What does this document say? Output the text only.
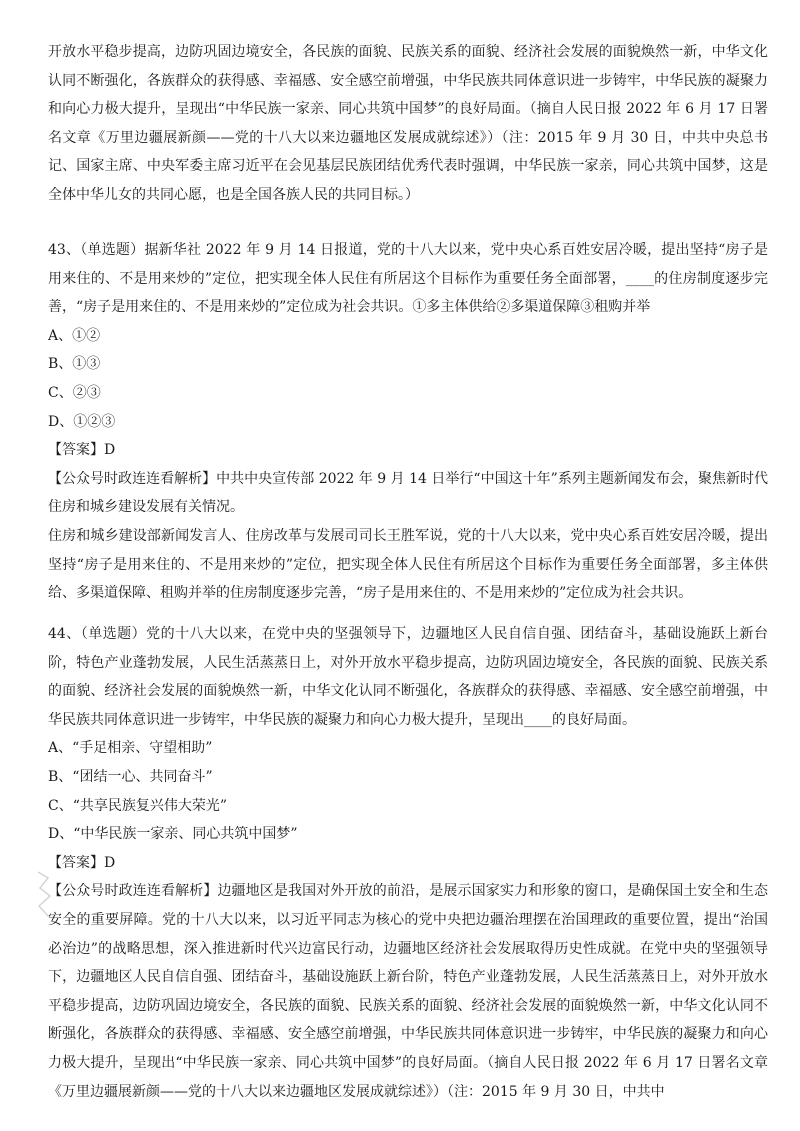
开放水平稳步提高，边防巩固边境安全，各民族的面貌、民族关系的面貌、经济社会发展的面貌焕然一新，中华文化认同不断强化，各族群众的获得感、幸福感、安全感空前增强，中华民族共同体意识进一步铸牢，中华民族的凝聚力和向心力极大提升，呈现出“中华民族一家亲、同心共筑中国梦”的良好局面。（摘自人民日报 2022 年 6 月 17 日署名文章《万里边疆展新颜——党的十八大以来边疆地区发展成就综述》）（注：2015 年 9 月 30 日，中共中央总书记、国家主席、中央军委主席习近平在会见基层民族团结优秀代表时强调，中华民族一家亲，同心共筑中国梦，这是全体中华儿女的共同心愿，也是全国各族人民的共同目标。）

43、（单选题）据新华社 2022 年 9 月 14 日报道，党的十八大以来，党中央心系百姓安居冷暖，提出坚持“房子是用来住的、不是用来炒的”定位，把实现全体人民住有所居这个目标作为重要任务全面部署，____的住房制度逐步完善，“房子是用来住的、不是用来炒的”定位成为社会共识。①多主体供给②多渠道保障③租购并举

A、①②

B、①③

C、②③

D、①②③

【答案】D

【公众号时政连连看解析】中共中央宣传部 2022 年 9 月 14 日举行“中国这十年”系列主题新闻发布会，聚焦新时代住房和城乡建设发展有关情况。

住房和城乡建设部新闻发言人、住房改革与发展司司长王胜军说，党的十八大以来，党中央心系百姓安居冷暖，提出坚持“房子是用来住的、不是用来炒的”定位，把实现全体人民住有所居这个目标作为重要任务全面部署，多主体供给、多渠道保障、租购并举的住房制度逐步完善，“房子是用来住的、不是用来炒的”定位成为社会共识。

44、（单选题）党的十八大以来，在党中央的坚强领导下，边疆地区人民自信自强、团结奋斗，基础设施跃上新台阶，特色产业蓬勃发展，人民生活蒸蒸日上，对外开放水平稳步提高，边防巩固边境安全，各民族的面貌、民族关系的面貌、经济社会发展的面貌焕然一新，中华文化认同不断强化，各族群众的获得感、幸福感、安全感空前增强，中华民族共同体意识进一步铸牢，中华民族的凝聚力和向心力极大提升，呈现出____的良好局面。

A、“手足相亲、守望相助”

B、“团结一心、共同奋斗”

C、“共享民族复兴伟大荣光”

D、“中华民族一家亲、同心共筑中国梦”

【答案】D

【公众号时政连连看解析】边疆地区是我国对外开放的前沿，是展示国家实力和形象的窗口，是确保国土安全和生态安全的重要屏障。党的十八大以来，以习近平同志为核心的党中央把边疆治理摆在治国理政的重要位置，提出“治国必治边”的战略思想，深入推进新时代兴边富民行动，边疆地区经济社会发展取得历史性成就。在党中央的坚强领导下，边疆地区人民自信自强、团结奋斗，基础设施跃上新台阶，特色产业蓬勃发展，人民生活蒸蒸日上，对外开放水平稳步提高，边防巩固边境安全，各民族的面貌、民族关系的面貌、经济社会发展的面貌焕然一新，中华文化认同不断强化，各族群众的获得感、幸福感、安全感空前增强，中华民族共同体意识进一步铸牢，中华民族的凝聚力和向心力极大提升，呈现出“中华民族一家亲、同心共筑中国梦”的良好局面。（摘自人民日报 2022 年 6 月 17 日署名文章《万里边疆展新颜——党的十八大以来边疆地区发展成就综述》）（注：2015 年 9 月 30 日，中共中
